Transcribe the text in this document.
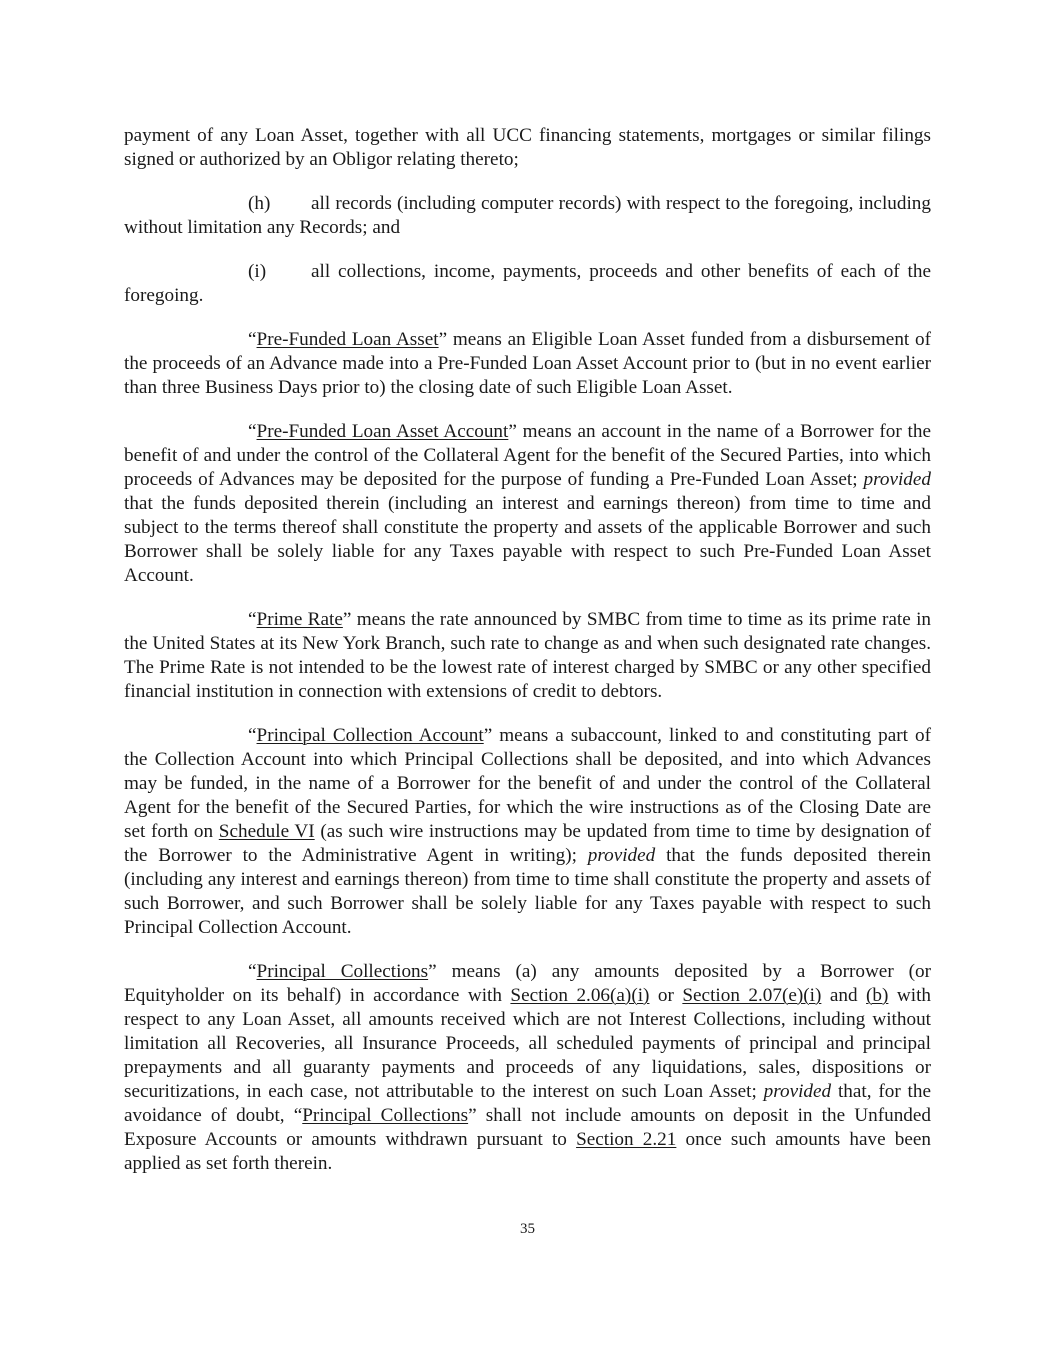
payment of any Loan Asset, together with all UCC financing statements, mortgages or similar filings signed or authorized by an Obligor relating thereto;

(h) all records (including computer records) with respect to the foregoing, including without limitation any Records; and

(i) all collections, income, payments, proceeds and other benefits of each of the foregoing.

“Pre-Funded Loan Asset” means an Eligible Loan Asset funded from a disbursement of the proceeds of an Advance made into a Pre-Funded Loan Asset Account prior to (but in no event earlier than three Business Days prior to) the closing date of such Eligible Loan Asset.

“Pre-Funded Loan Asset Account” means an account in the name of a Borrower for the benefit of and under the control of the Collateral Agent for the benefit of the Secured Parties, into which proceeds of Advances may be deposited for the purpose of funding a Pre-Funded Loan Asset; provided that the funds deposited therein (including an interest and earnings thereon) from time to time and subject to the terms thereof shall constitute the property and assets of the applicable Borrower and such Borrower shall be solely liable for any Taxes payable with respect to such Pre-Funded Loan Asset Account.

“Prime Rate” means the rate announced by SMBC from time to time as its prime rate in the United States at its New York Branch, such rate to change as and when such designated rate changes.  The Prime Rate is not intended to be the lowest rate of interest charged by SMBC or any other specified financial institution in connection with extensions of credit to debtors.

“Principal Collection Account” means a subaccount, linked to and constituting part of the Collection Account into which Principal Collections shall be deposited, and into which Advances may be funded, in the name of a Borrower for the benefit of and under the control of the Collateral Agent for the benefit of the Secured Parties, for which the wire instructions as of the Closing Date are set forth on Schedule VI (as such wire instructions may be updated from time to time by designation of the Borrower to the Administrative Agent in writing); provided that the funds deposited therein (including any interest and earnings thereon) from time to time shall constitute the property and assets of such Borrower, and such Borrower shall be solely liable for any Taxes payable with respect to such Principal Collection Account.

“Principal Collections” means (a) any amounts deposited by a Borrower (or Equityholder on its behalf) in accordance with Section 2.06(a)(i) or Section 2.07(e)(i) and (b) with respect to any Loan Asset, all amounts received which are not Interest Collections, including without limitation all Recoveries, all Insurance Proceeds, all scheduled payments of principal and principal prepayments and all guaranty payments and proceeds of any liquidations, sales, dispositions or securitizations, in each case, not attributable to the interest on such Loan Asset; provided that, for the avoidance of doubt, “Principal Collections” shall not include amounts on deposit in the Unfunded Exposure Accounts or amounts withdrawn pursuant to Section 2.21 once such amounts have been applied as set forth therein.

35
